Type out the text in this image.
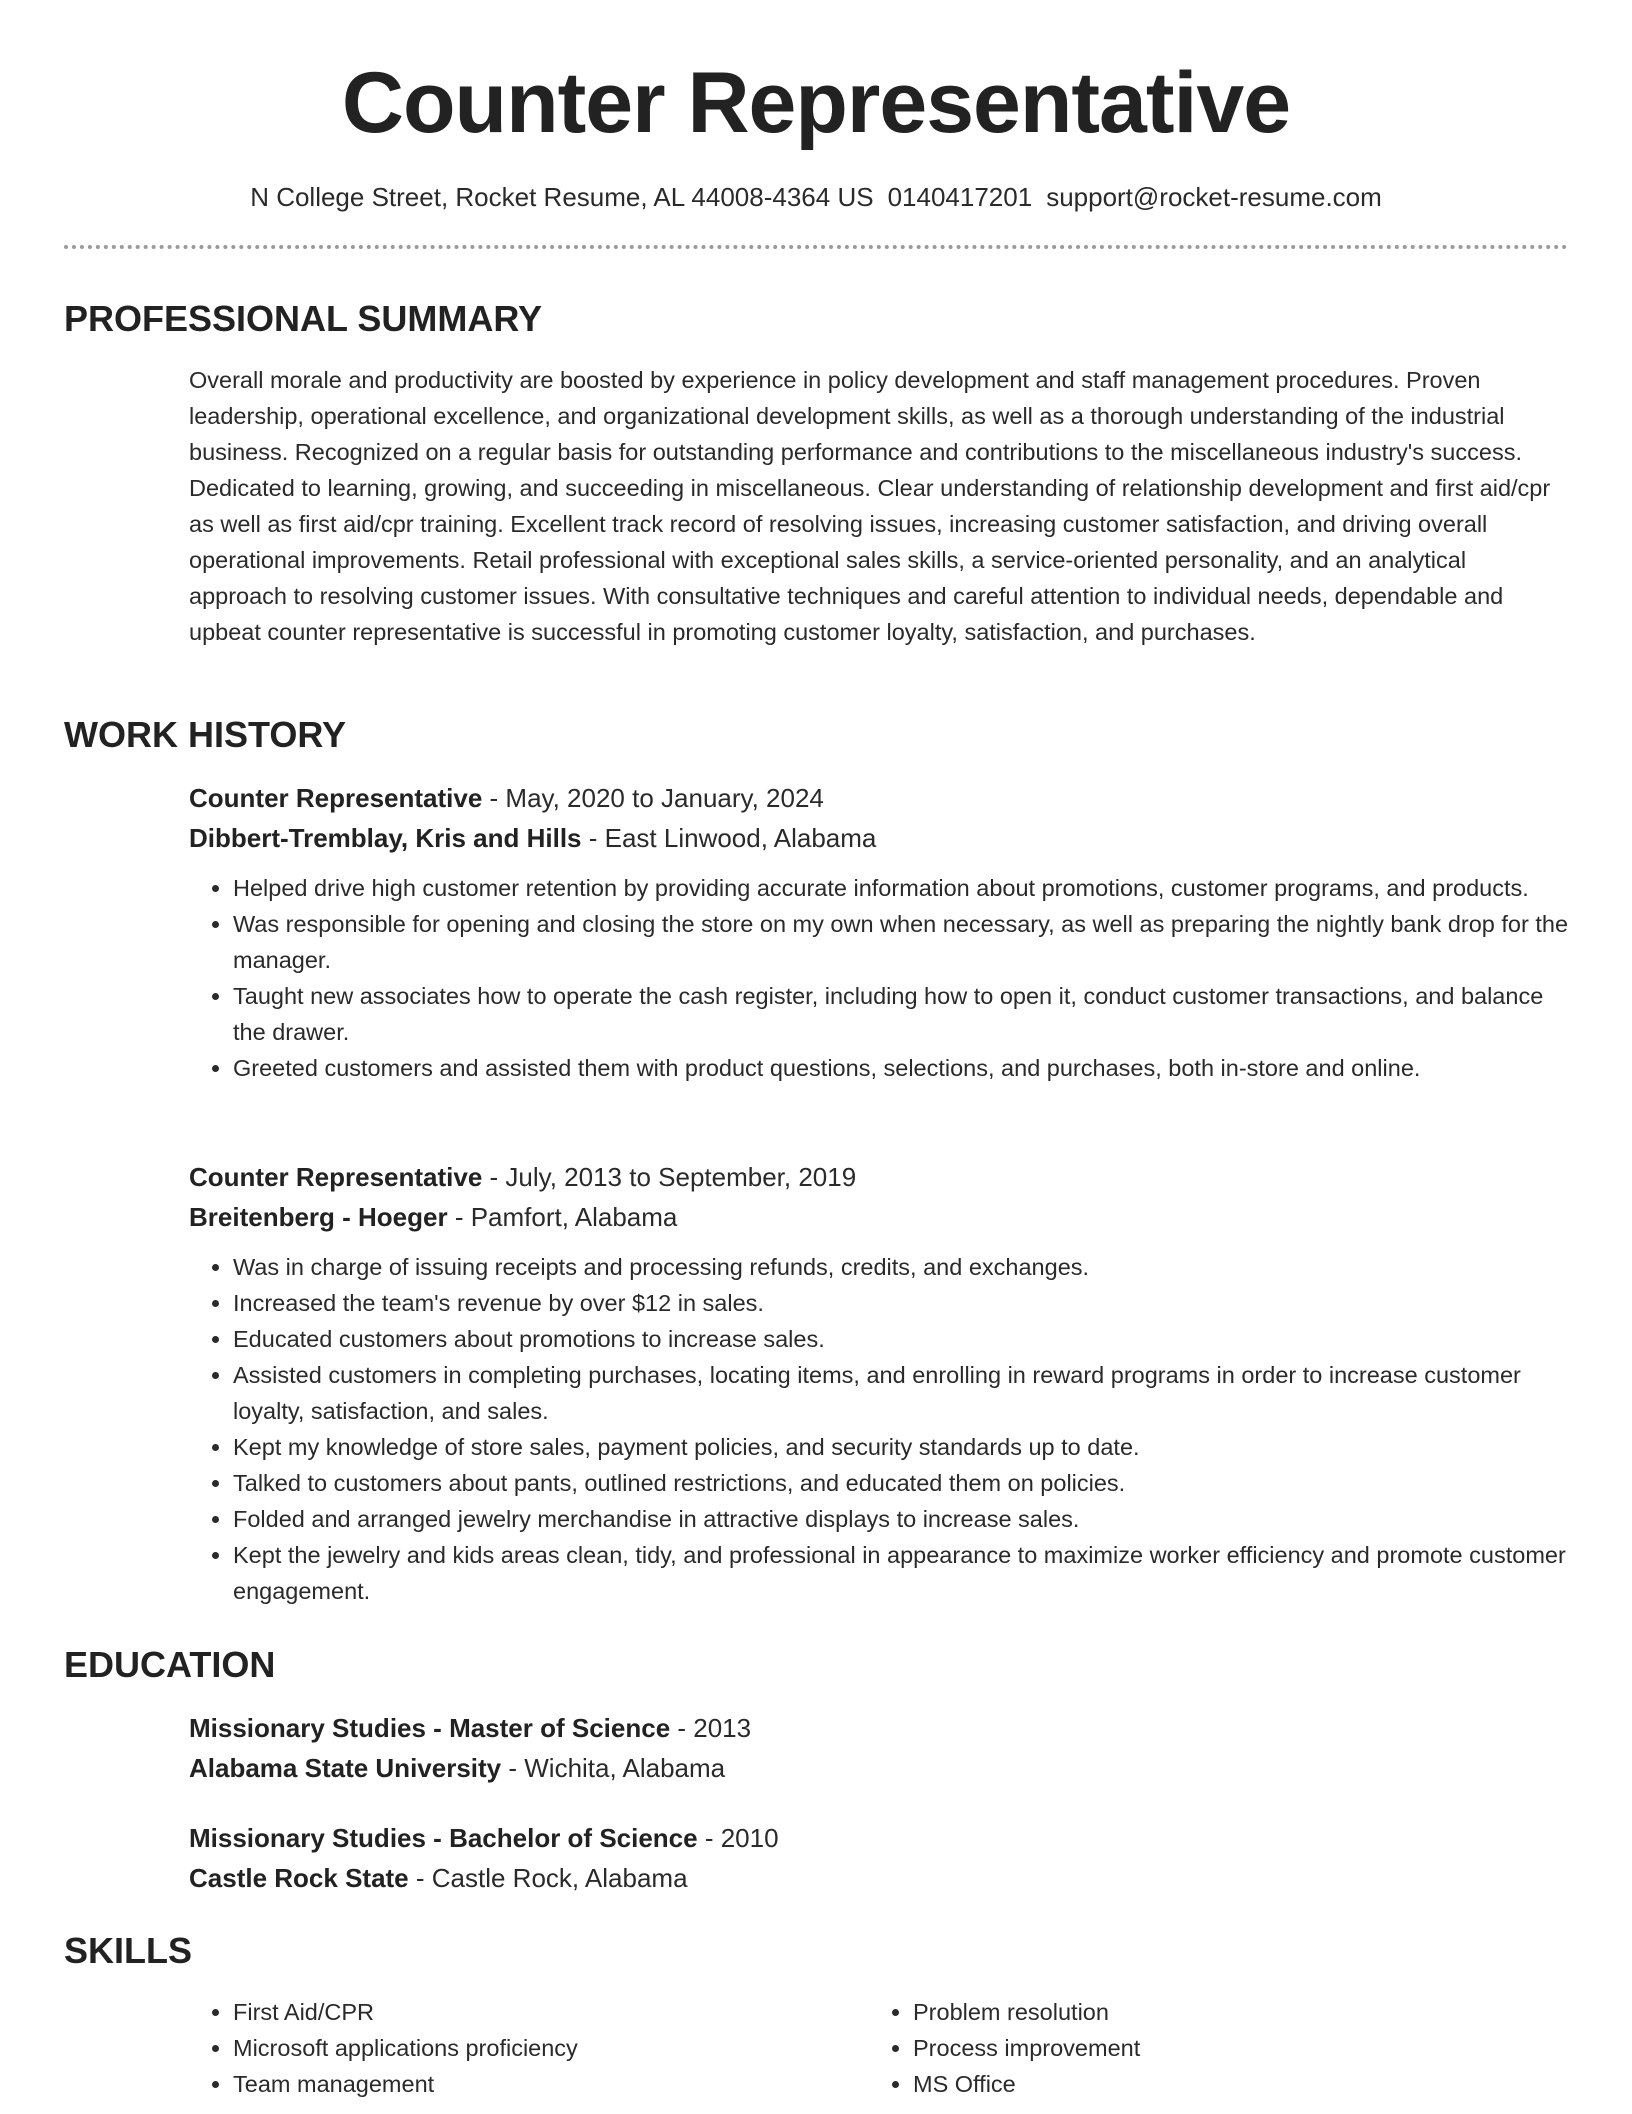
Counter Representative
N College Street, Rocket Resume, AL 44008-4364 US 0140417201 support@rocket-resume.com
PROFESSIONAL SUMMARY

Overall morale and productivity are boosted by experience in policy development and staff management procedures. Proven leadership, operational excellence, and organizational development skills, as well as a thorough understanding of the industrial business. Recognized on a regular basis for outstanding performance and contributions to the miscellaneous industry's success. Dedicated to learning, growing, and succeeding in miscellaneous. Clear understanding of relationship development and first aid/cpr as well as first aid/cpr training. Excellent track record of resolving issues, increasing customer satisfaction, and driving overall operational improvements. Retail professional with exceptional sales skills, a service-oriented personality, and an analytical approach to resolving customer issues. With consultative techniques and careful attention to individual needs, dependable and upbeat counter representative is successful in promoting customer loyalty, satisfaction, and purchases.

WORK HISTORY
Counter Representative - May, 2020 to January, 2024
Dibbert-Tremblay, Kris and Hills - East Linwood, Alabama
• Helped drive high customer retention by providing accurate information about promotions, customer programs, and products.
• Was responsible for opening and closing the store on my own when necessary, as well as preparing the nightly bank drop for the manager.
• Taught new associates how to operate the cash register, including how to open it, conduct customer transactions, and balance the drawer.
• Greeted customers and assisted them with product questions, selections, and purchases, both in-store and online.
Counter Representative - July, 2013 to September, 2019
Breitenberg - Hoeger - Pamfort, Alabama
• Was in charge of issuing receipts and processing refunds, credits, and exchanges.
• Increased the team's revenue by over $12 in sales.
• Educated customers about promotions to increase sales.
• Assisted customers in completing purchases, locating items, and enrolling in reward programs in order to increase customer loyalty, satisfaction, and sales.
• Kept my knowledge of store sales, payment policies, and security standards up to date.
• Talked to customers about pants, outlined restrictions, and educated them on policies.
• Folded and arranged jewelry merchandise in attractive displays to increase sales.
• Kept the jewelry and kids areas clean, tidy, and professional in appearance to maximize worker efficiency and promote customer engagement.
EDUCATION
Missionary Studies - Master of Science - 2013
Alabama State University - Wichita, Alabama
Missionary Studies - Bachelor of Science - 2010
Castle Rock State - Castle Rock, Alabama
SKILLS
• First Aid/CPR
• Microsoft applications proficiency
• Team management
• Problem resolution
• Process improvement
• MS Office
